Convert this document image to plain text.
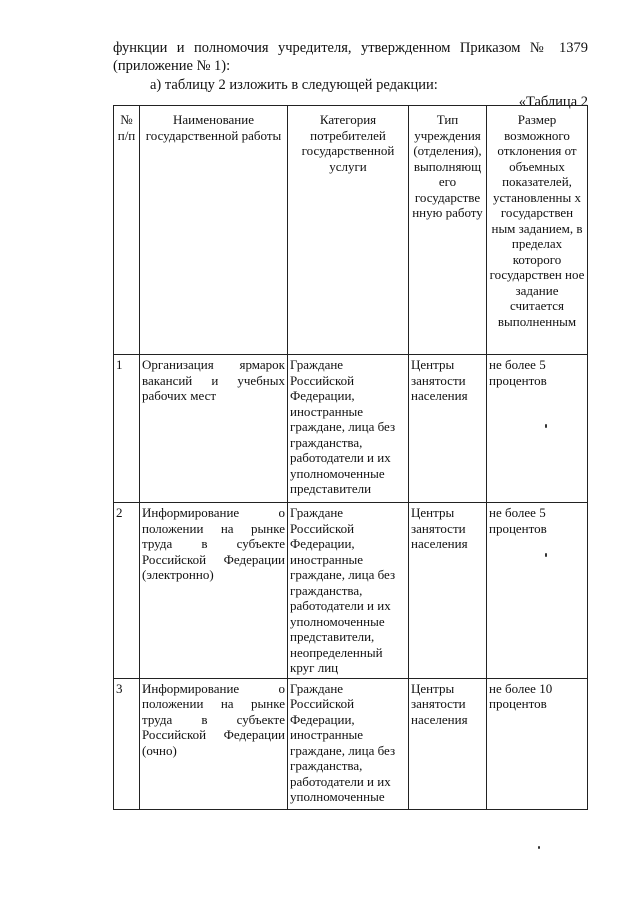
функции и полномочия учредителя, утвержденном Приказом № 1379
(приложение № 1):
а) таблицу 2 изложить в следующей редакции:
«Таблица 2
№ п/п	Наименование государственной работы	Категория потребителей государственной услуги	Тип учреждения (отделения), выполняющ его государстве нную работу	Размер возможного отклонения от объемных показателей, установленны х государствен ным заданием, в пределах которого государствен ное задание считается выполненным
1	Организация ярмарок вакансий и учебных рабочих мест	Граждане Российской Федерации, иностранные граждане, лица без гражданства, работодатели и их уполномоченные представители	Центры занятости населения	не более 5 процентов
2	Информирование о положении на рынке труда в субъекте Российской Федерации (электронно)	Граждане Российской Федерации, иностранные граждане, лица без гражданства, работодатели и их уполномоченные представители, неопределенный круг лиц	Центры занятости населения	не более 5 процентов
3	Информирование о положении на рынке труда в субъекте Российской Федерации (очно)	Граждане Российской Федерации, иностранные граждане, лица без гражданства, работодатели и их уполномоченные	Центры занятости населения	не более 10 процентов
